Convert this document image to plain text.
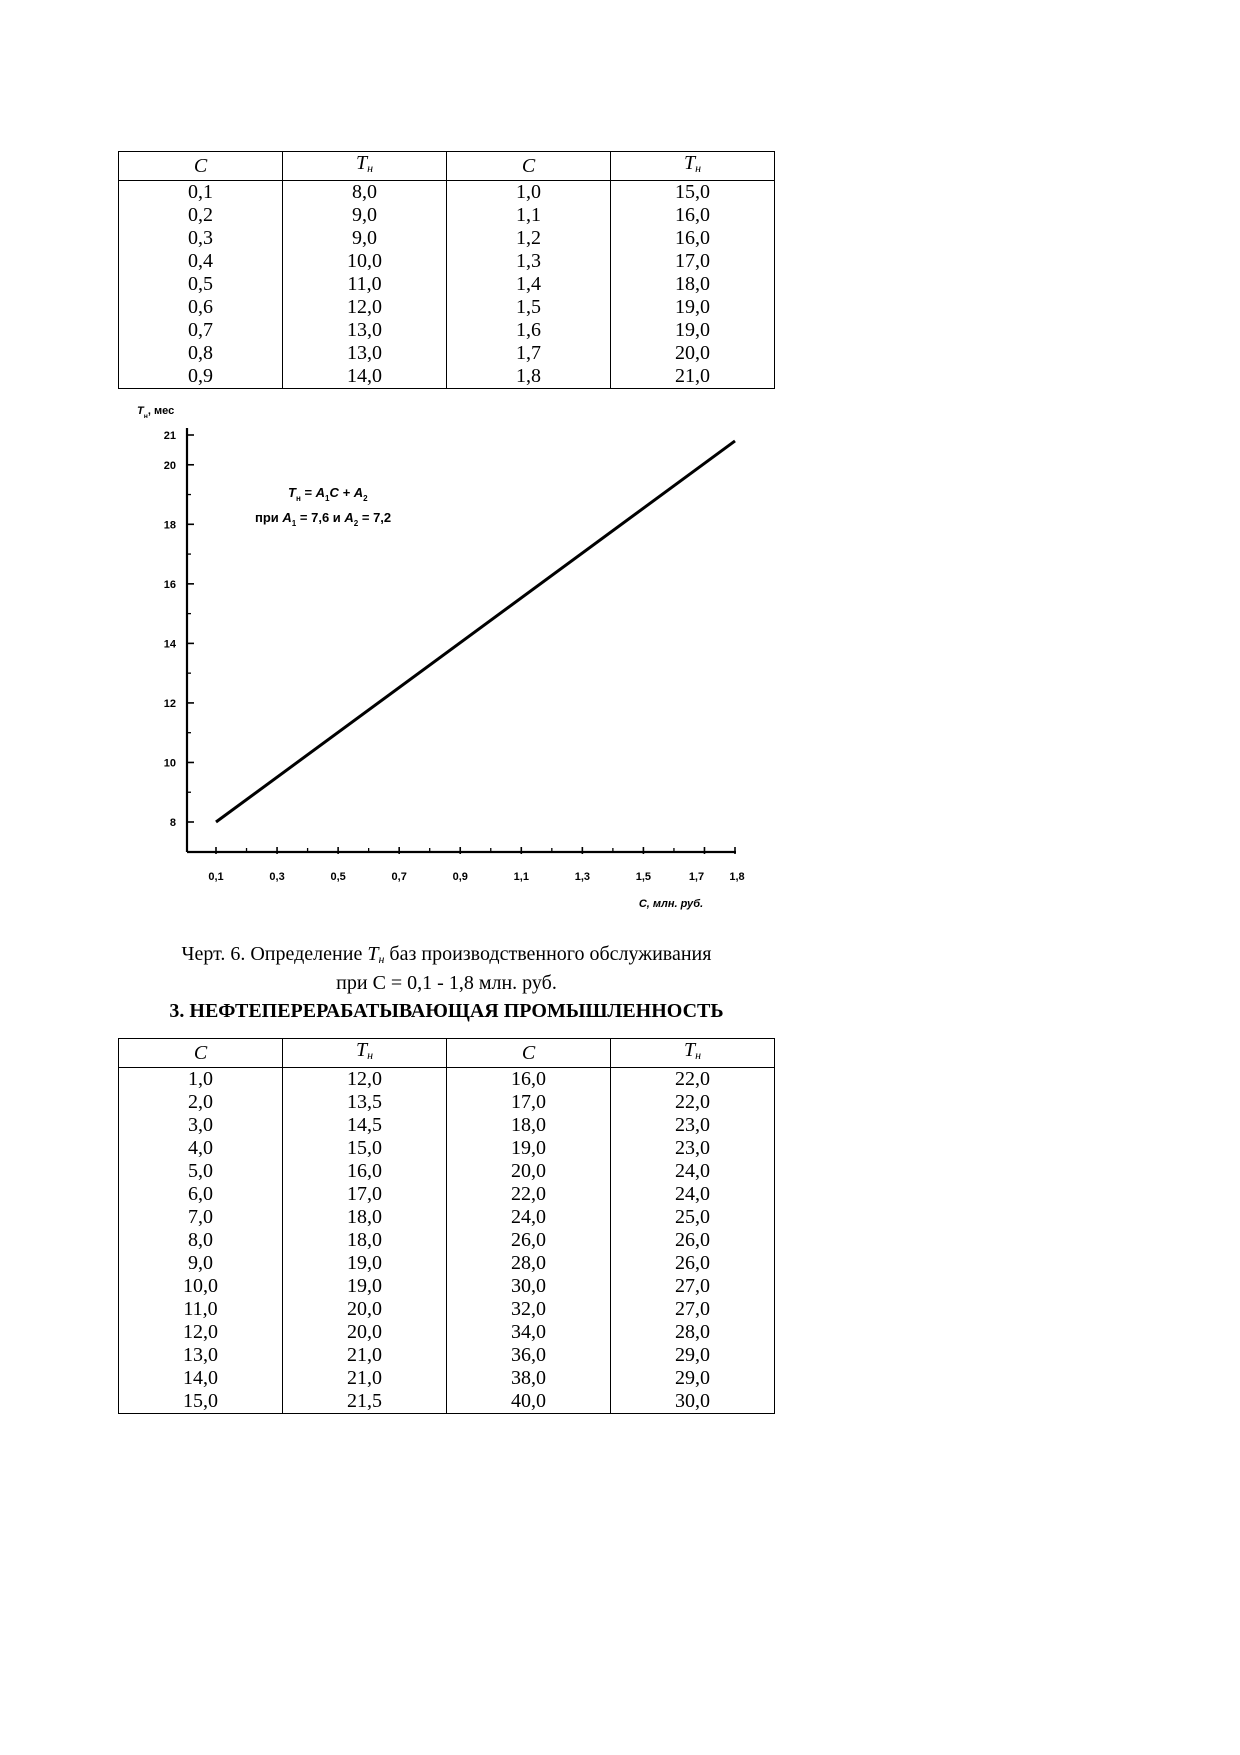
С	$Т_н$	С	$Т_н$
0,1	8,0	1,0	15,0
0,2	9,0	1,1	16,0
0,3	9,0	1,2	16,0
0,4	10,0	1,3	17,0
0,5	11,0	1,4	18,0
0,6	12,0	1,5	19,0
0,7	13,0	1,6	19,0
0,8	13,0	1,7	20,0
0,9	14,0	1,8	21,0
8
10
12
14
16
18
20
21
0,1	0,3	0,5	0,7	0,9	1,1	1,3	1,5	1,7 1,8
$Т_н$, мес
С, млн. руб.
$Т_н = A_1С + A_2$
при $A_1 = 7,6$ и $A_2 = 7,2$
Черт. 6. Определение $Т_н$ баз производственного обслуживания
при С = 0,1 - 1,8 млн. руб.
3. НЕФТЕПЕРЕРАБАТЫВАЮЩАЯ ПРОМЫШЛЕННОСТЬ
С	$Т_н$	С	$Т_н$
1,0	12,0	16,0	22,0
2,0	13,5	17,0	22,0
3,0	14,5	18,0	23,0
4,0	15,0	19,0	23,0
5,0	16,0	20,0	24,0
6,0	17,0	22,0	24,0
7,0	18,0	24,0	25,0
8,0	18,0	26,0	26,0
9,0	19,0	28,0	26,0
10,0	19,0	30,0	27,0
11,0	20,0	32,0	27,0
12,0	20,0	34,0	28,0
13,0	21,0	36,0	29,0
14,0	21,0	38,0	29,0
15,0	21,5	40,0	30,0
